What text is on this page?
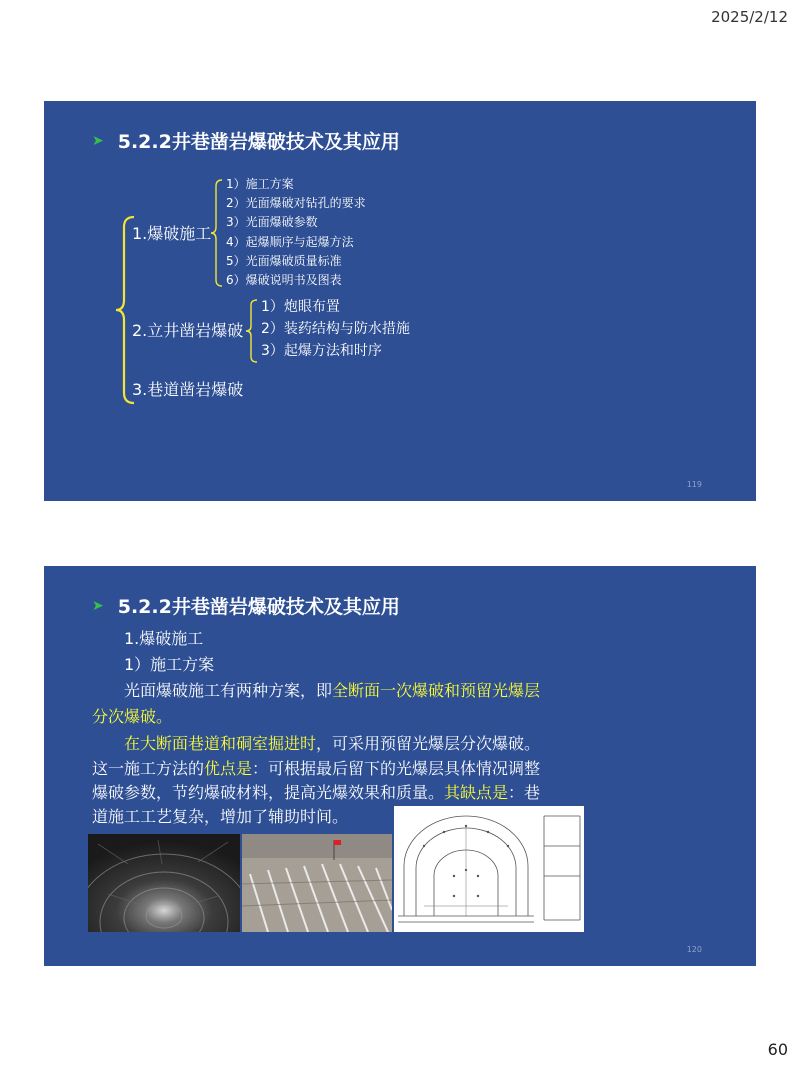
2025/2/12
➤ 5.2.2井巷凿岩爆破技术及其应用
1.爆破施工
1）施工方案
2）光面爆破对钻孔的要求
3）光面爆破参数
4）起爆顺序与起爆方法
5）光面爆破质量标准
6）爆破说明书及图表
2.立井凿岩爆破
1）炮眼布置
2）装药结构与防水措施
3）起爆方法和时序
3.巷道凿岩爆破
119
➤ 5.2.2井巷凿岩爆破技术及其应用
1.爆破施工
1）施工方案
光面爆破施工有两种方案，即全断面一次爆破和预留光爆层
分次爆破。
在大断面巷道和硐室掘进时，可采用预留光爆层分次爆破。
这一施工方法的优点是：可根据最后留下的光爆层具体情况调整
爆破参数，节约爆破材料，提高光爆效果和质量。其缺点是：巷
道施工工艺复杂，增加了辅助时间。
120
60
